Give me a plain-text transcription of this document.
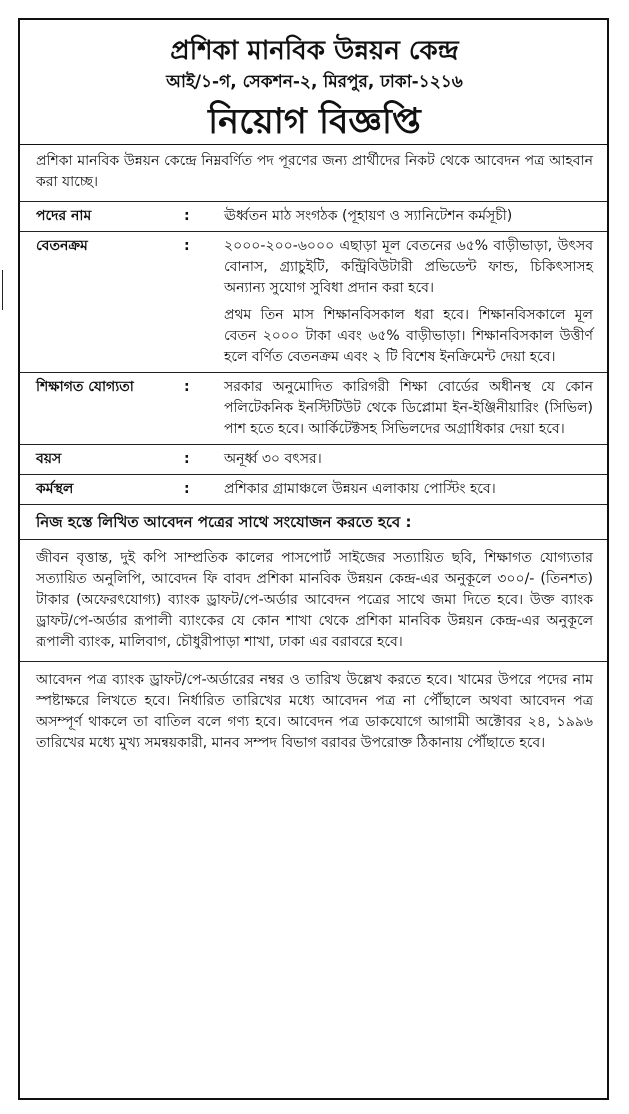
প্রশিকা মানবিক উন্নয়ন কেন্দ্র
আই/১-গ, সেকশন-২, মিরপুর, ঢাকা-১২১৬
নিয়োগ বিজ্ঞপ্তি
প্রশিকা মানবিক উন্নয়ন কেন্দ্রে নিম্নবর্ণিত পদ পূরণের জন্য প্রার্থীদের নিকট থেকে আবেদন পত্র আহবান করা যাচ্ছে।
পদের নাম	:	ঊর্ধ্বতন মাঠ সংগঠক (পূহায়ণ ও স্যানিটেশন কর্মসূচী)

বেতনক্রম	:	২০০০-২০০-৬০০০ এছাড়া মূল বেতনের ৬৫% বাড়ীভাড়া, উৎসব বোনাস, গ্র্যাচুইটি, কন্ট্রিবিউটারী প্রভিডেন্ট ফান্ড, চিকিৎসাসহ অন্যান্য সুযোগ সুবিধা প্রদান করা হবে।

প্রথম তিন মাস শিক্ষানবিসকাল ধরা হবে। শিক্ষানবিসকালে মূল বেতন ২০০০ টাকা এবং ৬৫% বাড়ীভাড়া। শিক্ষানবিসকাল উত্তীর্ণ হলে বর্ণিত বেতনক্রম এবং ২ টি বিশেষ ইনক্রিমেন্ট দেয়া হবে।

শিক্ষাগত যোগ্যতা	:	সরকার অনুমোদিত কারিগরী শিক্ষা বোর্ডের অধীনস্থ যে কোন পলিটেকনিক ইনস্টিটিউট থেকে ডিপ্লোমা ইন-ইঞ্জিনীয়ারিং (সিভিল) পাশ হতে হবে। আর্কিটেক্টসহ সিভিলদের অগ্রাধিকার দেয়া হবে।

বয়স	:	অনূর্ধ্ব ৩০ বৎসর।

কর্মস্থল	:	প্রশিকার গ্রামাঞ্চলে উন্নয়ন এলাকায় পোস্টিং হবে।

নিজ হস্তে লিখিত আবেদন পত্রের সাথে সংযোজন করতে হবে :
জীবন বৃত্তান্ত, দুই কপি সাম্প্রতিক কালের পাসপোর্ট সাইজের সত্যায়িত ছবি, শিক্ষাগত যোগ্যতার সত্যায়িত অনুলিপি, আবেদন ফি বাবদ প্রশিকা মানবিক উন্নয়ন কেন্দ্র-এর অনুকূলে ৩০০/- (তিনশত) টাকার (অফেরৎযোগ্য) ব্যাংক ড্রাফট/পে-অর্ডার আবেদন পত্রের সাথে জমা দিতে হবে। উক্ত ব্যাংক ড্রাফট/পে-অর্ডার রূপালী ব্যাংকের যে কোন শাখা থেকে প্রশিকা মানবিক উন্নয়ন কেন্দ্র-এর অনুকূলে রূপালী ব্যাংক, মালিবাগ, চৌধুরীপাড়া শাখা, ঢাকা এর বরাবরে হবে।
আবেদন পত্র ব্যাংক ড্রাফট/পে-অর্ডারের নম্বর ও তারিখ উল্লেখ করতে হবে। খামের উপরে পদের নাম স্পষ্টাক্ষরে লিখতে হবে। নির্ধারিত তারিখের মধ্যে আবেদন পত্র না পৌঁছালে অথবা আবেদন পত্র অসম্পূর্ণ থাকলে তা বাতিল বলে গণ্য হবে। আবেদন পত্র ডাকযোগে আগামী অক্টোবর ২৪, ১৯৯৬ তারিখের মধ্যে মুখ্য সমন্বয়কারী, মানব সম্পদ বিভাগ বরাবর উপরোক্ত ঠিকানায় পৌঁছাতে হবে।
